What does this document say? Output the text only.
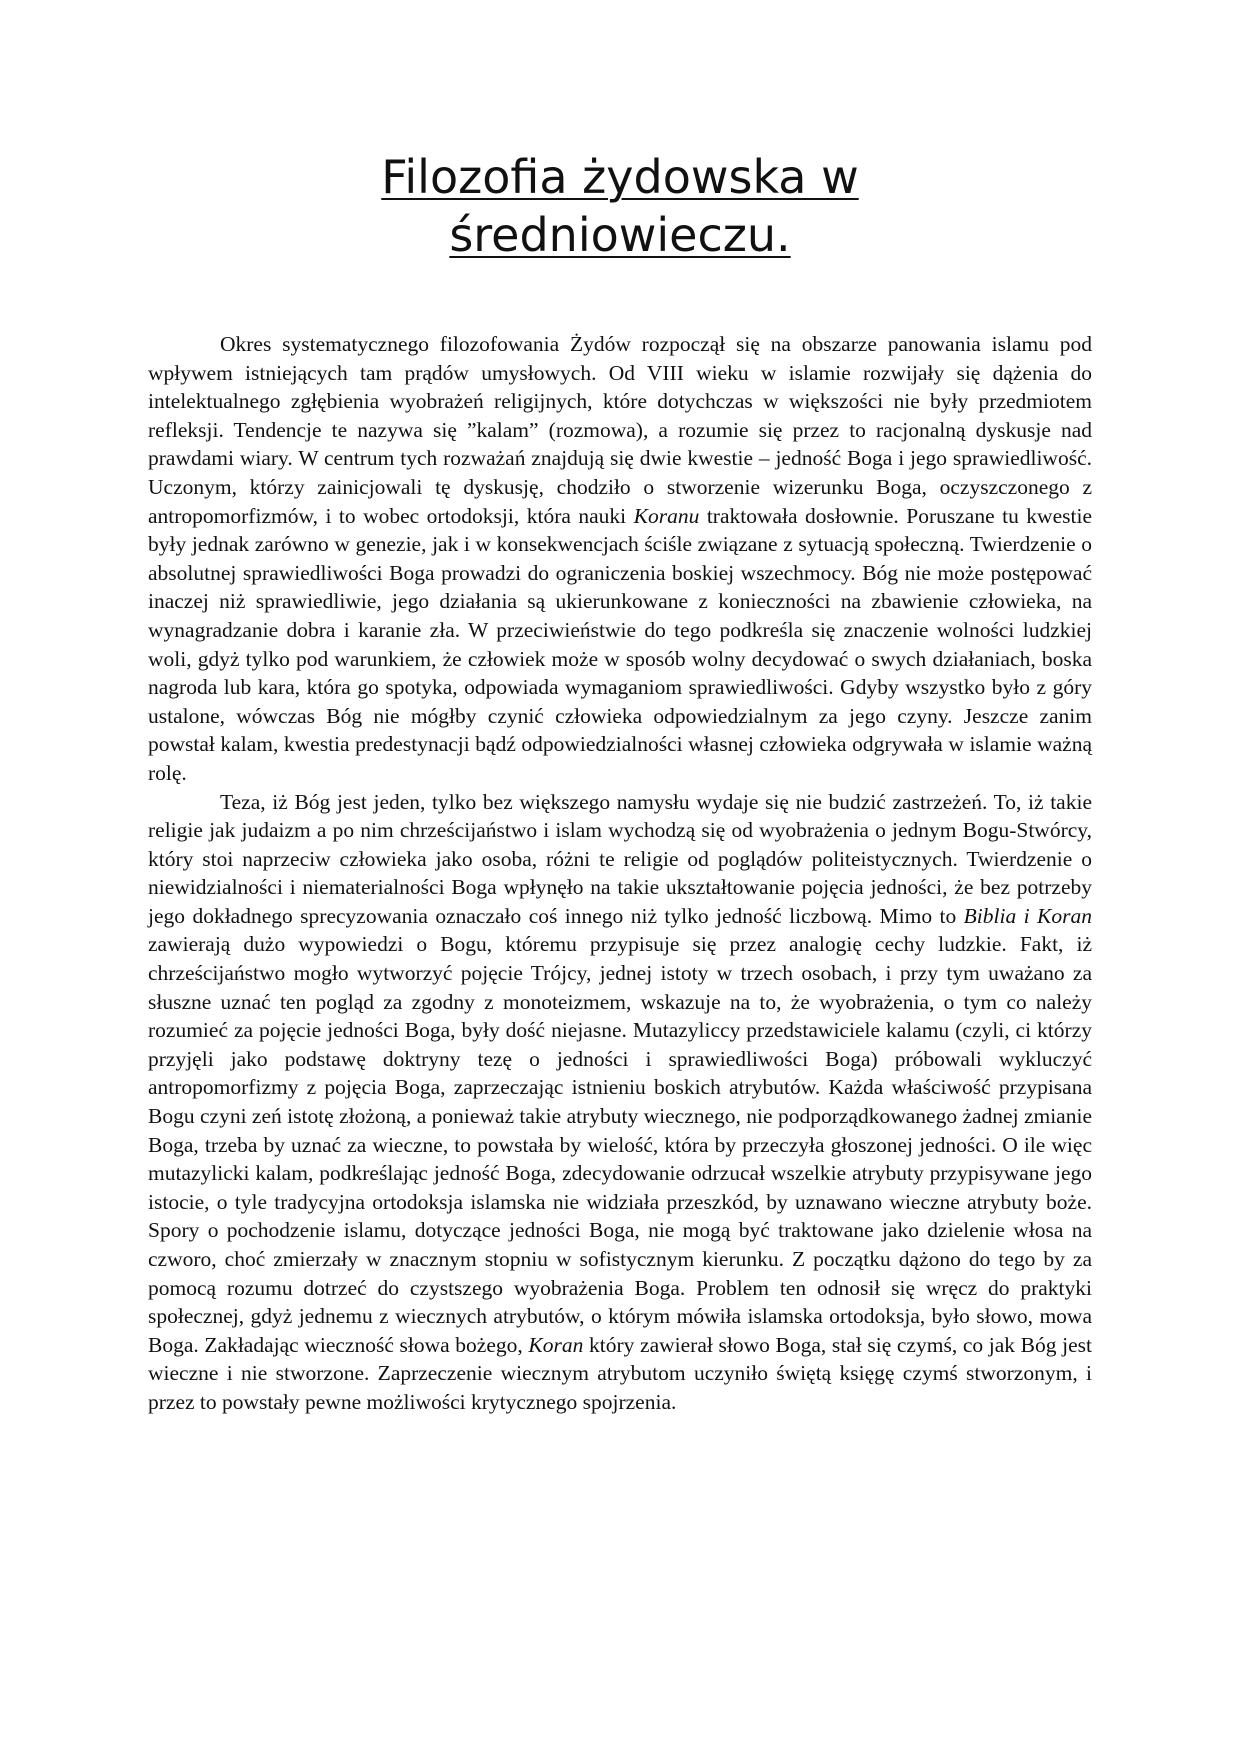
Filozofia żydowska w
średniowieczu.

Okres systematycznego filozofowania Żydów rozpoczął się na obszarze panowania islamu pod wpływem istniejących tam prądów umysłowych. Od VIII wieku w islamie rozwijały się dążenia do intelektualnego zgłębienia wyobrażeń religijnych, które dotychczas w większości nie były przedmiotem refleksji. Tendencje te nazywa się ”kalam” (rozmowa), a rozumie się przez to racjonalną dyskusje nad prawdami wiary. W centrum tych rozważań znajdują się dwie kwestie – jedność Boga i jego sprawiedliwość. Uczonym, którzy zainicjowali tę dyskusję, chodziło o stworzenie wizerunku Boga, oczyszczonego z antropomorfizmów, i to wobec ortodoksji, która nauki Koranu traktowała dosłownie. Poruszane tu kwestie były jednak zarówno w genezie, jak i w konsekwencjach ściśle związane z sytuacją społeczną. Twierdzenie o absolutnej sprawiedliwości Boga prowadzi do ograniczenia boskiej wszechmocy. Bóg nie może postępować inaczej niż sprawiedliwie, jego działania są ukierunkowane z konieczności na zbawienie człowieka, na wynagradzanie dobra i karanie zła. W przeciwieństwie do tego podkreśla się znaczenie wolności ludzkiej woli, gdyż tylko pod warunkiem, że człowiek może w sposób wolny decydować o swych działaniach, boska nagroda lub kara, która go spotyka, odpowiada wymaganiom sprawiedliwości. Gdyby wszystko było z góry ustalone, wówczas Bóg nie mógłby czynić człowieka odpowiedzialnym za jego czyny. Jeszcze zanim powstał kalam, kwestia predestynacji bądź odpowiedzialności własnej człowieka odgrywała w islamie ważną rolę.

Teza, iż Bóg jest jeden, tylko bez większego namysłu wydaje się nie budzić zastrzeżeń. To, iż takie religie jak judaizm a po nim chrześcijaństwo i islam wychodzą się od wyobrażenia o jednym Bogu-Stwórcy, który stoi naprzeciw człowieka jako osoba, różni te religie od poglądów politeistycznych. Twierdzenie o niewidzialności i niematerialności Boga wpłynęło na takie ukształtowanie pojęcia jedności, że bez potrzeby jego dokładnego sprecyzowania oznaczało coś innego niż tylko jedność liczbową. Mimo to Biblia i Koran zawierają dużo wypowiedzi o Bogu, któremu przypisuje się przez analogię cechy ludzkie. Fakt, iż chrześcijaństwo mogło wytworzyć pojęcie Trójcy, jednej istoty w trzech osobach, i przy tym uważano za słuszne uznać ten pogląd za zgodny z monoteizmem, wskazuje na to, że wyobrażenia, o tym co należy rozumieć za pojęcie jedności Boga, były dość niejasne. Mutazyliccy przedstawiciele kalamu (czyli, ci którzy przyjęli jako podstawę doktryny tezę o jedności i sprawiedliwości Boga) próbowali wykluczyć antropomorfizmy z pojęcia Boga, zaprzeczając istnieniu boskich atrybutów. Każda właściwość przypisana Bogu czyni zeń istotę złożoną, a ponieważ takie atrybuty wiecznego, nie podporządkowanego żadnej zmianie Boga, trzeba by uznać za wieczne, to powstała by wielość, która by przeczyła głoszonej jedności. O ile więc mutazylicki kalam, podkreślając jedność Boga, zdecydowanie odrzucał wszelkie atrybuty przypisywane jego istocie, o tyle tradycyjna ortodoksja islamska nie widziała przeszkód, by uznawano wieczne atrybuty boże. Spory o pochodzenie islamu, dotyczące jedności Boga, nie mogą być traktowane jako dzielenie włosa na czworo, choć zmierzały w znacznym stopniu w sofistycznym kierunku. Z początku dążono do tego by za pomocą rozumu dotrzeć do czystszego wyobrażenia Boga. Problem ten odnosił się wręcz do praktyki społecznej, gdyż jednemu z wiecznych atrybutów, o którym mówiła islamska ortodoksja, było słowo, mowa Boga. Zakładając wieczność słowa bożego, Koran który zawierał słowo Boga, stał się czymś, co jak Bóg jest wieczne i nie stworzone. Zaprzeczenie wiecznym atrybutom uczyniło świętą księgę czymś stworzonym, i przez to powstały pewne możliwości krytycznego spojrzenia.
